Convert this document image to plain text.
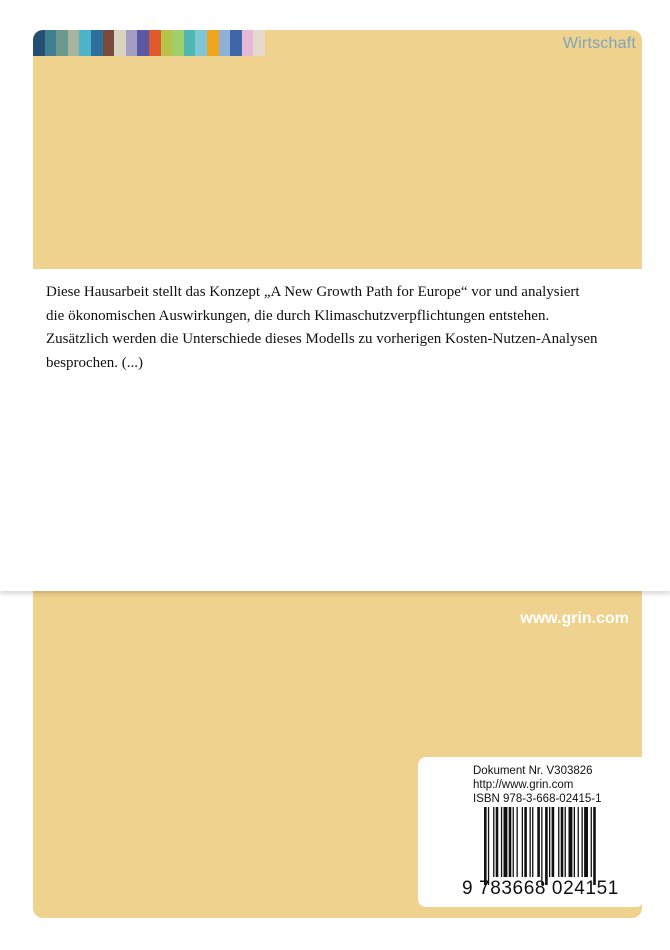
Wirtschaft

Diese Hausarbeit stellt das Konzept „A New Growth Path for Europe“ vor und analysiert
die ökonomischen Auswirkungen, die durch Klimaschutzverpflichtungen entstehen.
Zusätzlich werden die Unterschiede dieses Modells zu vorherigen Kosten-Nutzen-Analysen
besprochen. (...)

www.grin.com
Dokument Nr. V303826
http://www.grin.com
ISBN 978-3-668-02415-1
9 783668 024151
